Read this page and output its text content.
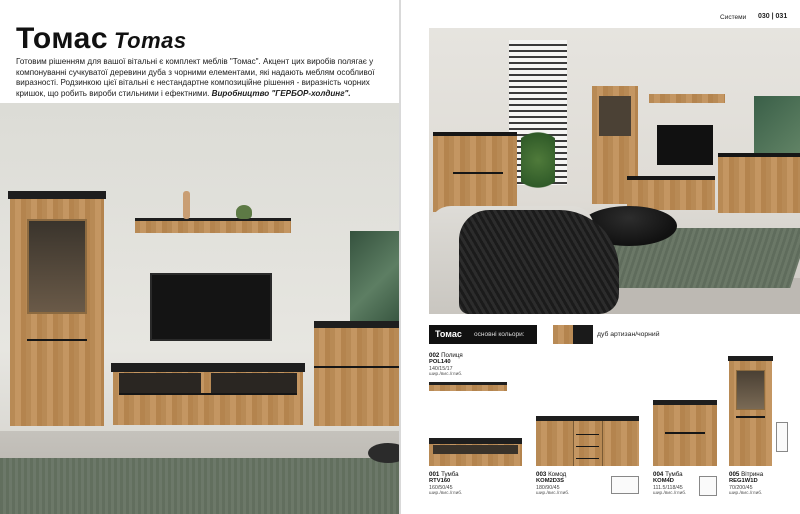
Томас Tomas

Готовим рішенням для вашої вітальні є комплект меблів "Томас". Акцент цих виробів полягає у компонуванні сучкуватої деревини дуба з чорними елементами, які надають меблям особливої виразності. Родзинкою цієї вітальні є нестандартне композиційне рішення - виразність чорних кришок, що робить вироби стильними і ефектними. Виробництво "ГЕРБОР-холдинг".

Системи 030 | 031
Томас основні кольори:	дуб артизан/чорний
002 Полиця
POL140
140/15/17
шир./вис./глиб.
001 Тумба
RTV160
160/50/45
шир./вис./глиб.
003 Комод
KOM2D3S
180/90/45
шир./вис./глиб.
004 Тумба
KOM4D
111.5/118/45
шир./вис./глиб.
005 Вітрина
REG1W1D
70/200/45
шир./вис./глиб.
